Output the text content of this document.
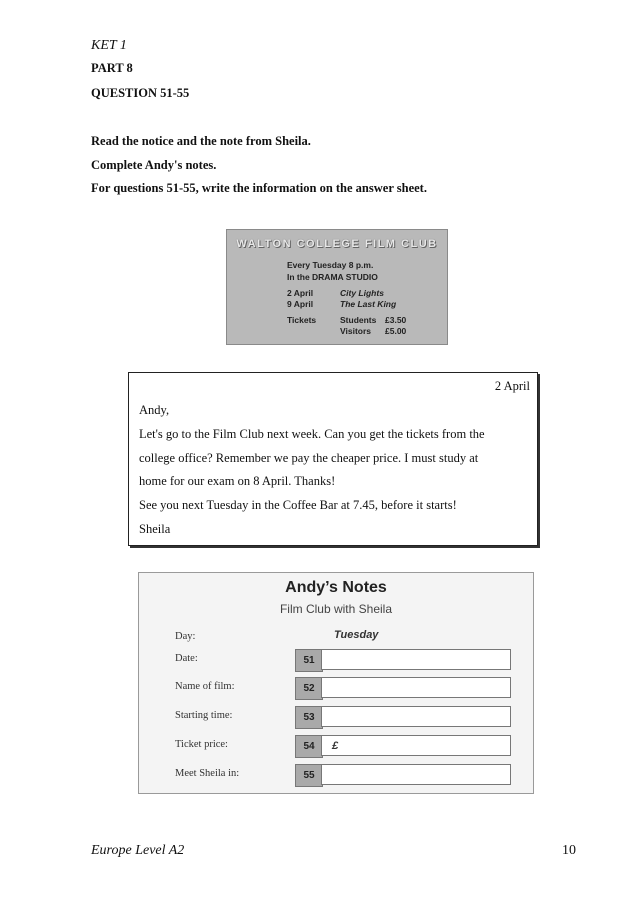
KET 1
PART 8
QUESTION 51-55
Read the notice and the note from Sheila.
Complete Andy's notes.
For questions 51-55, write the information on the answer sheet.
WALTON COLLEGE FILM CLUB
Every Tuesday 8 p.m.
In the DRAMA STUDIO
2 April	City Lights
9 April	The Last King
Tickets	Students £3.50
Visitors £5.00
2 April
Andy,
Let's go to the Film Club next week. Can you get the tickets from the
college office? Remember we pay the cheaper price. I must study at
home for our exam on 8 April. Thanks!
See you next Tuesday in the Coffee Bar at 7.45, before it starts!
Sheila
Andy’s Notes
Film Club with Sheila
Day:	Tuesday
Date:	51
Name of film:	52
Starting time:	53
Ticket price:	54	£
Meet Sheila in:	55
Europe Level A2	10
